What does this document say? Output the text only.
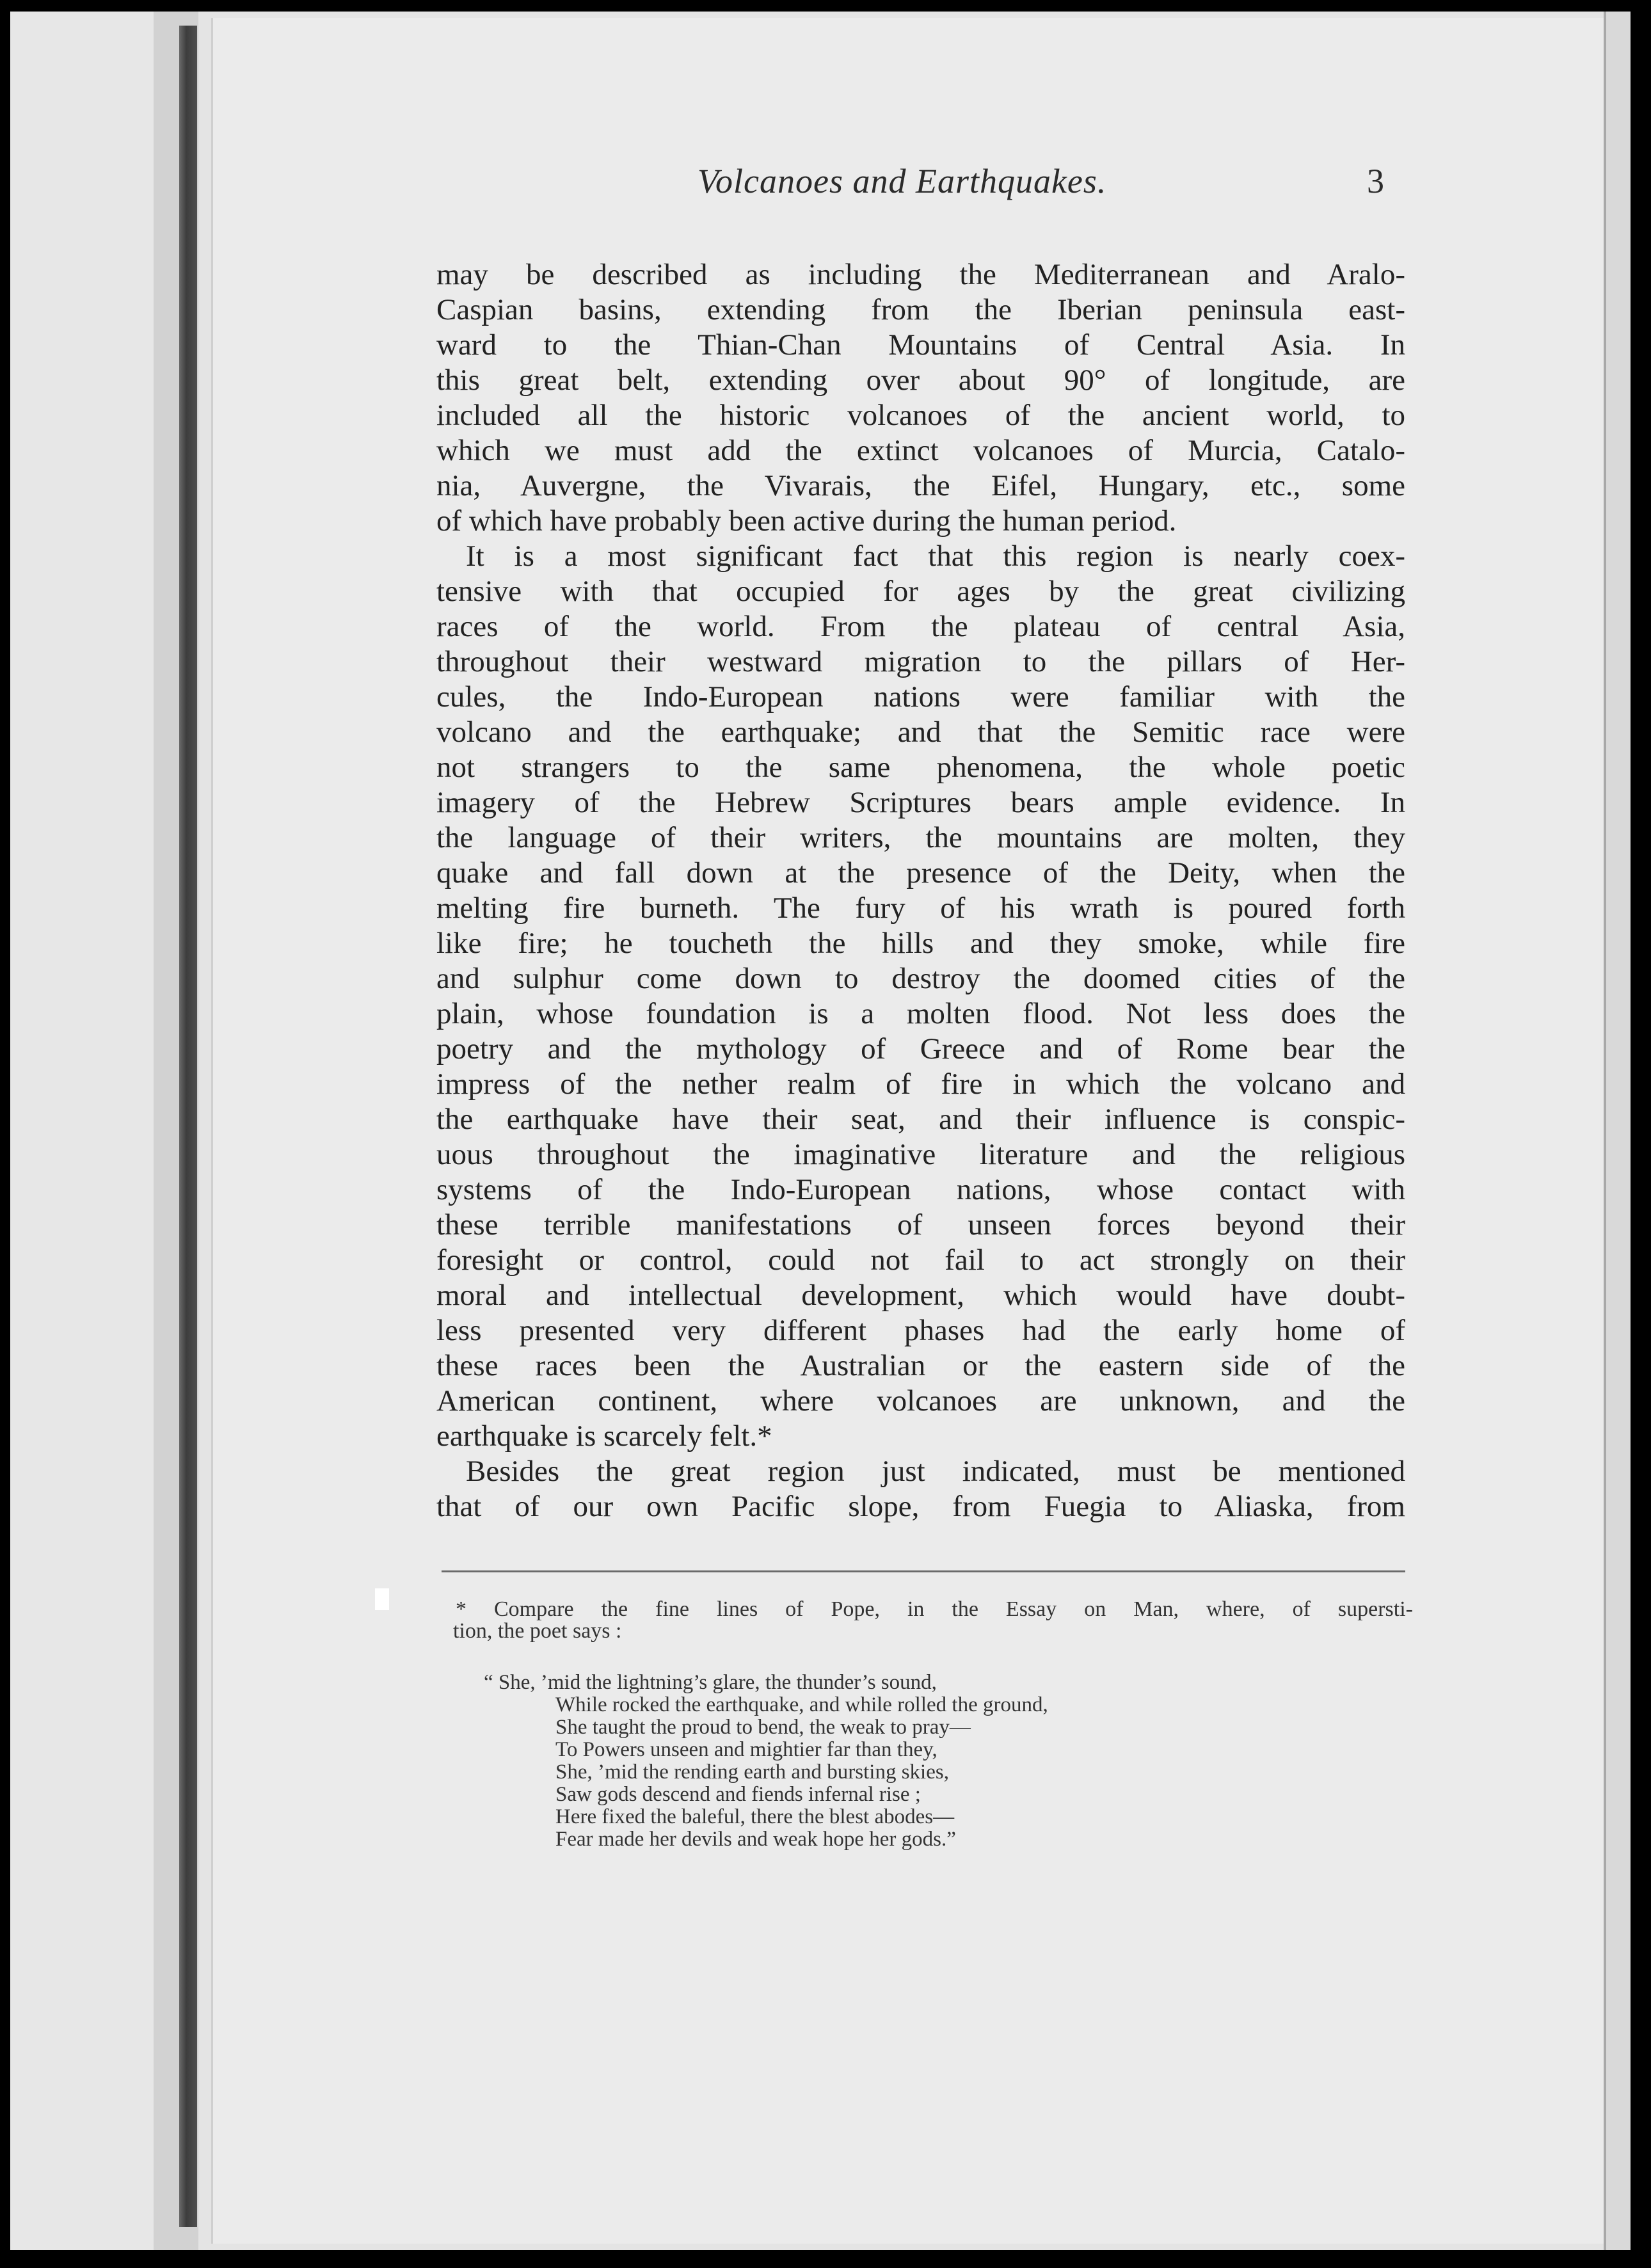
Volcanoes and Earthquakes.	3
may be described as including the Mediterranean and Aralo-
Caspian basins, extending from the Iberian peninsula east-
ward to the Thian-Chan Mountains of Central Asia. In
this great belt, extending over about 90° of longitude, are
included all the historic volcanoes of the ancient world, to
which we must add the extinct volcanoes of Murcia, Catalo-
nia, Auvergne, the Vivarais, the Eifel, Hungary, etc., some
of which have probably been active during the human period.
It is a most significant fact that this region is nearly coex-
tensive with that occupied for ages by the great civilizing
races of the world. From the plateau of central Asia,
throughout their westward migration to the pillars of Her-
cules, the Indo-European nations were familiar with the
volcano and the earthquake; and that the Semitic race were
not strangers to the same phenomena, the whole poetic
imagery of the Hebrew Scriptures bears ample evidence. In
the language of their writers, the mountains are molten, they
quake and fall down at the presence of the Deity, when the
melting fire burneth. The fury of his wrath is poured forth
like fire; he toucheth the hills and they smoke, while fire
and sulphur come down to destroy the doomed cities of the
plain, whose foundation is a molten flood. Not less does the
poetry and the mythology of Greece and of Rome bear the
impress of the nether realm of fire in which the volcano and
the earthquake have their seat, and their influence is conspic-
uous throughout the imaginative literature and the religious
systems of the Indo-European nations, whose contact with
these terrible manifestations of unseen forces beyond their
foresight or control, could not fail to act strongly on their
moral and intellectual development, which would have doubt-
less presented very different phases had the early home of
these races been the Australian or the eastern side of the
American continent, where volcanoes are unknown, and the
earthquake is scarcely felt.*
Besides the great region just indicated, must be mentioned
that of our own Pacific slope, from Fuegia to Aliaska, from
* Compare the fine lines of Pope, in the Essay on Man, where, of supersti-
tion, the poet says :
“ She, ’mid the lightning’s glare, the thunder’s sound,
While rocked the earthquake, and while rolled the ground,
She taught the proud to bend, the weak to pray—
To Powers unseen and mightier far than they,
She, ’mid the rending earth and bursting skies,
Saw gods descend and fiends infernal rise ;
Here fixed the baleful, there the blest abodes—
Fear made her devils and weak hope her gods.”
